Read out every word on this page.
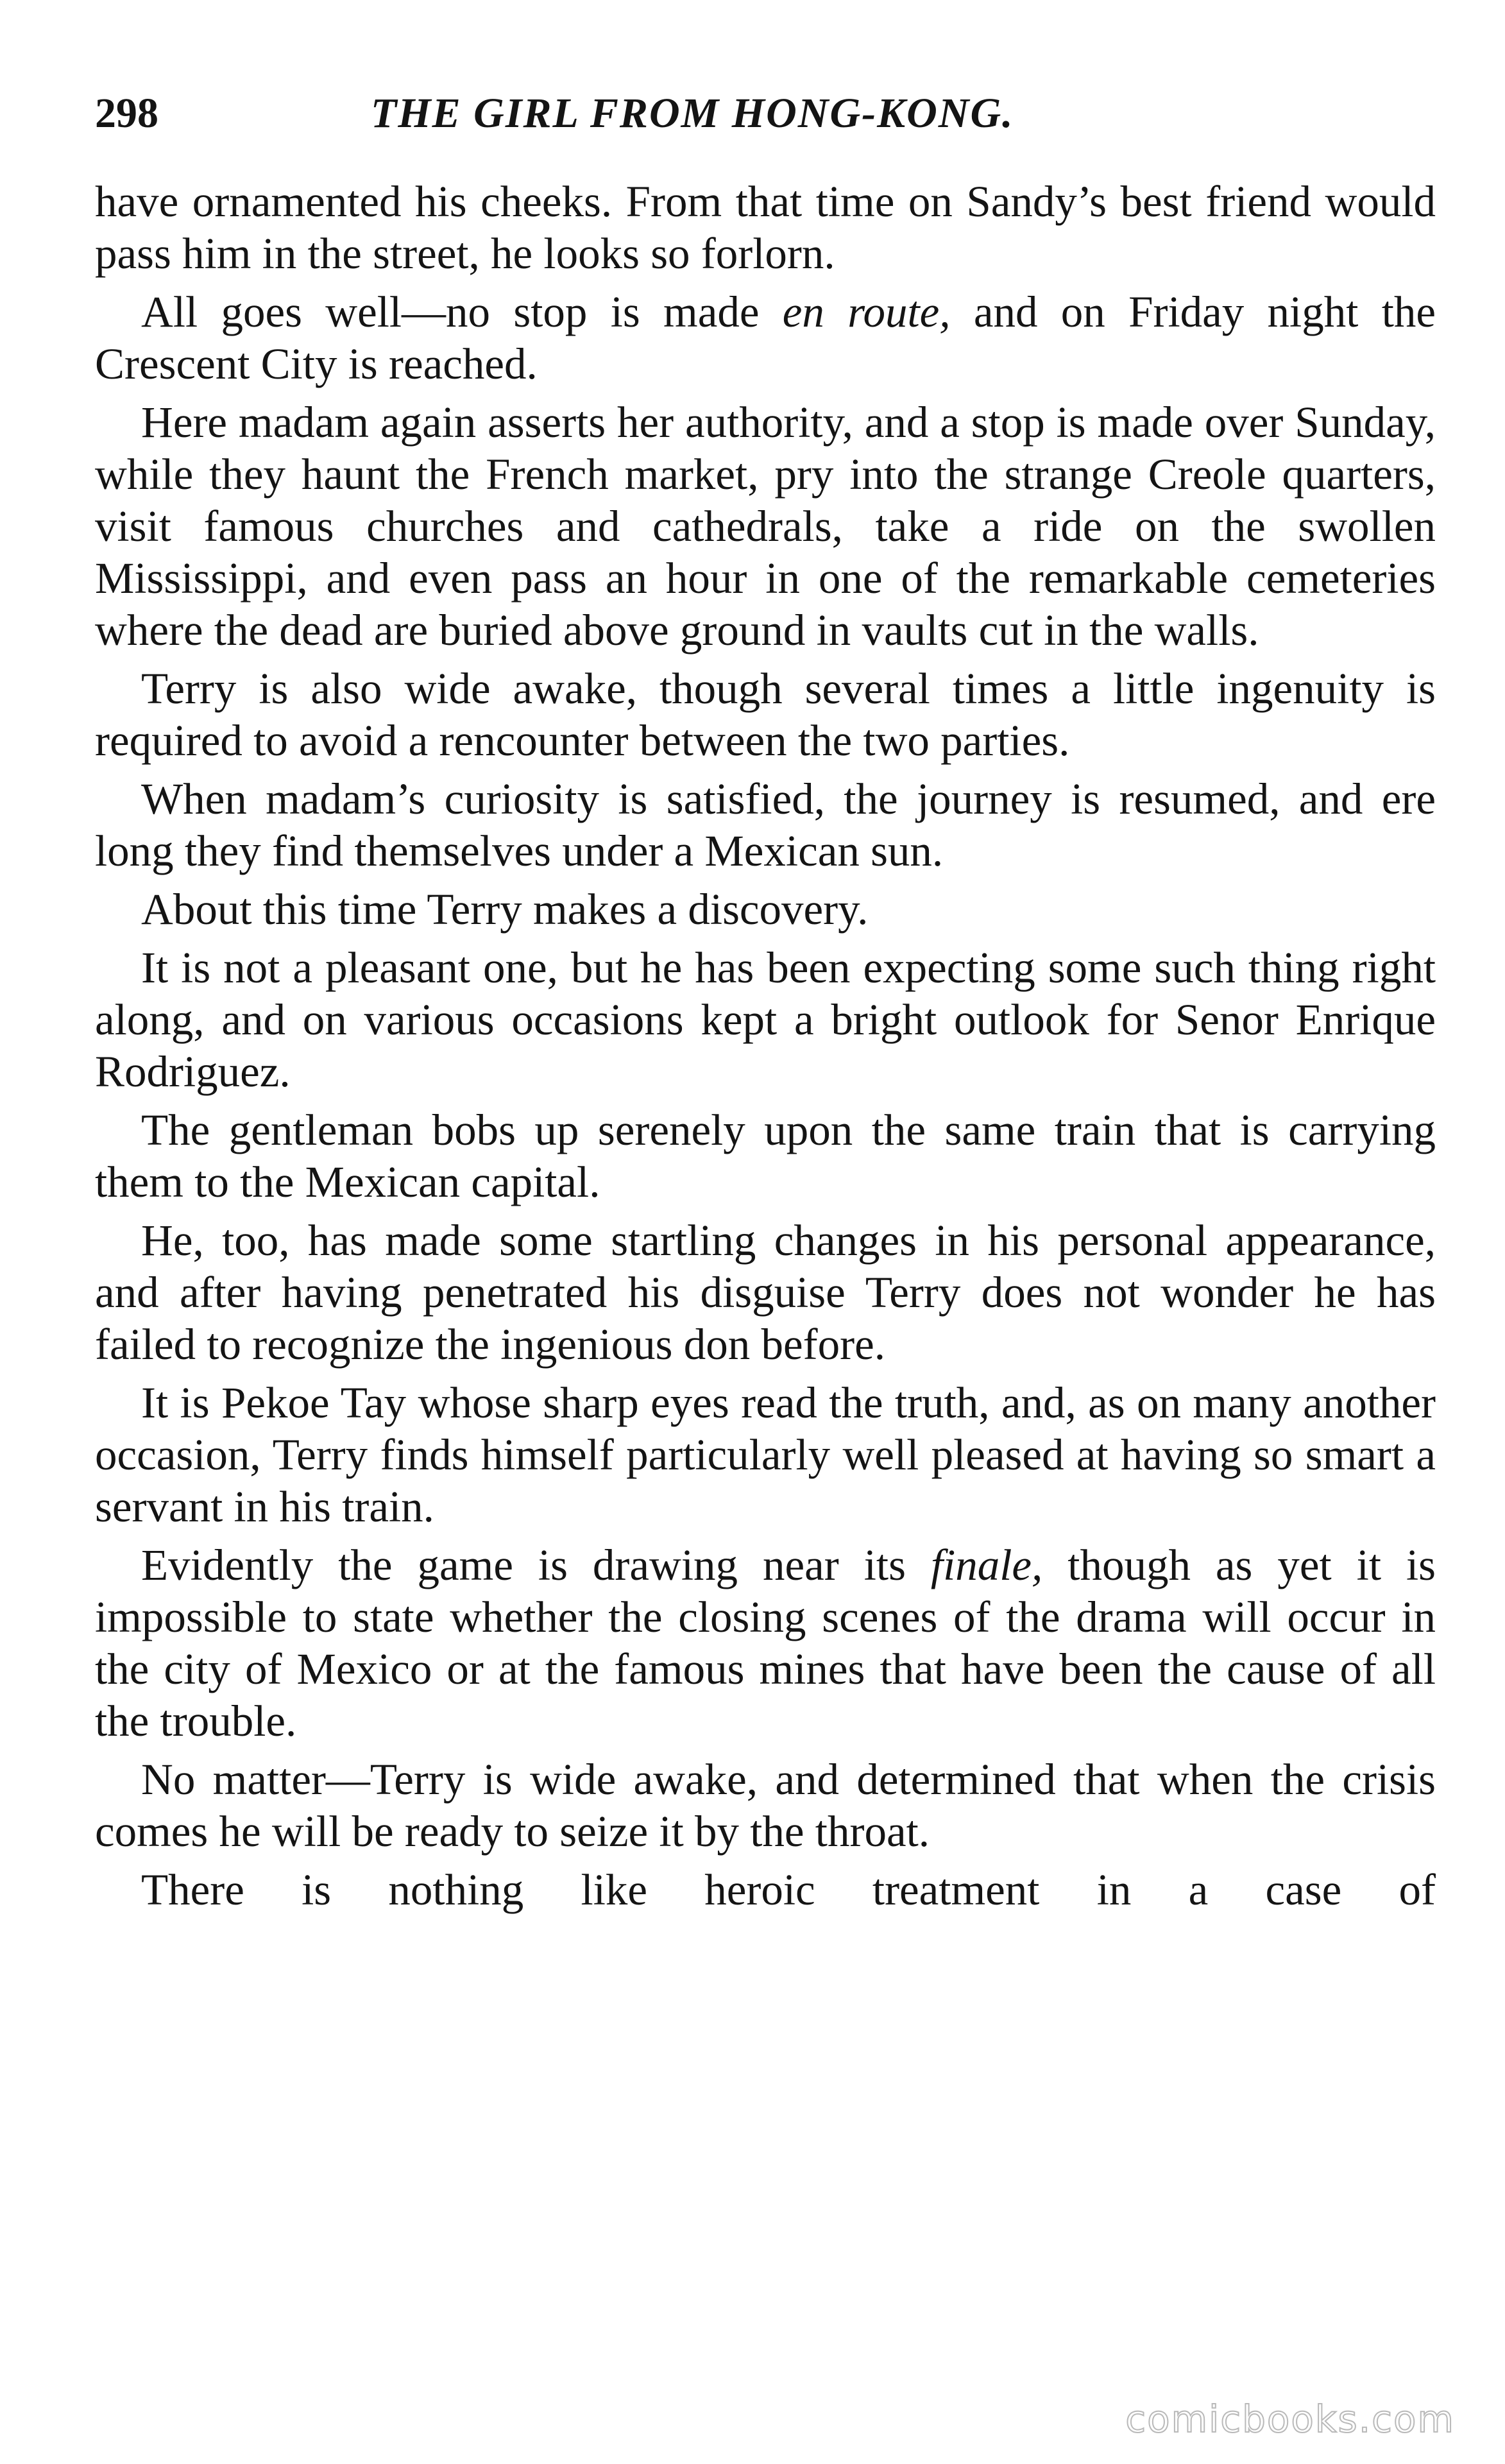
298	THE GIRL FROM HONG-KONG.

have ornamented his cheeks. From that time on Sandy’s best friend would pass him in the street, he looks so forlorn.

All goes well—no stop is made en route, and on Friday night the Crescent City is reached.

Here madam again asserts her authority, and a stop is made over Sunday, while they haunt the French market, pry into the strange Creole quarters, visit famous churches and cathedrals, take a ride on the swollen Mississippi, and even pass an hour in one of the remarkable cemeteries where the dead are buried above ground in vaults cut in the walls.

Terry is also wide awake, though several times a little ingenuity is required to avoid a rencounter between the two parties.

When madam’s curiosity is satisfied, the journey is resumed, and ere long they find themselves under a Mexican sun.

About this time Terry makes a discovery.

It is not a pleasant one, but he has been expecting some such thing right along, and on various occasions kept a bright outlook for Senor Enrique Rodriguez.

The gentleman bobs up serenely upon the same train that is carrying them to the Mexican capital.

He, too, has made some startling changes in his personal appearance, and after having penetrated his disguise Terry does not wonder he has failed to recognize the ingenious don before.

It is Pekoe Tay whose sharp eyes read the truth, and, as on many another occasion, Terry finds himself particularly well pleased at having so smart a servant in his train.

Evidently the game is drawing near its finale, though as yet it is impossible to state whether the closing scenes of the drama will occur in the city of Mexico or at the famous mines that have been the cause of all the trouble.

No matter—Terry is wide awake, and determined that when the crisis comes he will be ready to seize it by the throat.

There is nothing like heroic treatment in a case of

comicbooks.com
